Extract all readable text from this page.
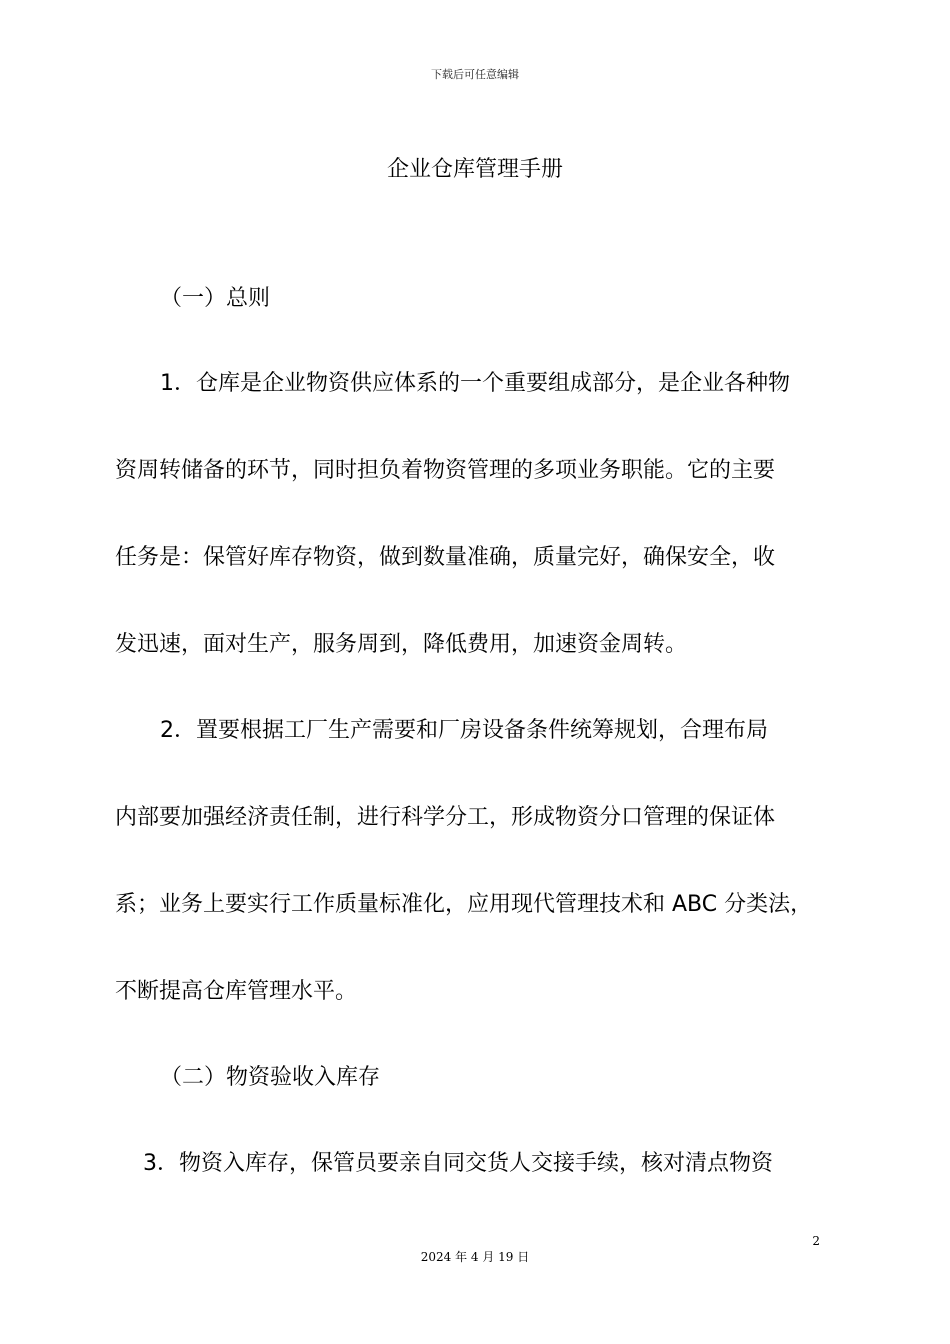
下载后可任意编辑
企业仓库管理手册
（一）总则
1．仓库是企业物资供应体系的一个重要组成部分，是企业各种物
资周转储备的环节，同时担负着物资管理的多项业务职能。它的主要
任务是：保管好库存物资，做到数量准确，质量完好，确保安全，收
发迅速，面对生产，服务周到，降低费用，加速资金周转。
2．置要根据工厂生产需要和厂房设备条件统筹规划，合理布局
内部要加强经济责任制，进行科学分工，形成物资分口管理的保证体
系；业务上要实行工作质量标准化，应用现代管理技术和 ABC 分类法，
不断提高仓库管理水平。
（二）物资验收入库存
3．物资入库存，保管员要亲自同交货人交接手续，核对清点物资
2
2024 年 4 月 19 日
